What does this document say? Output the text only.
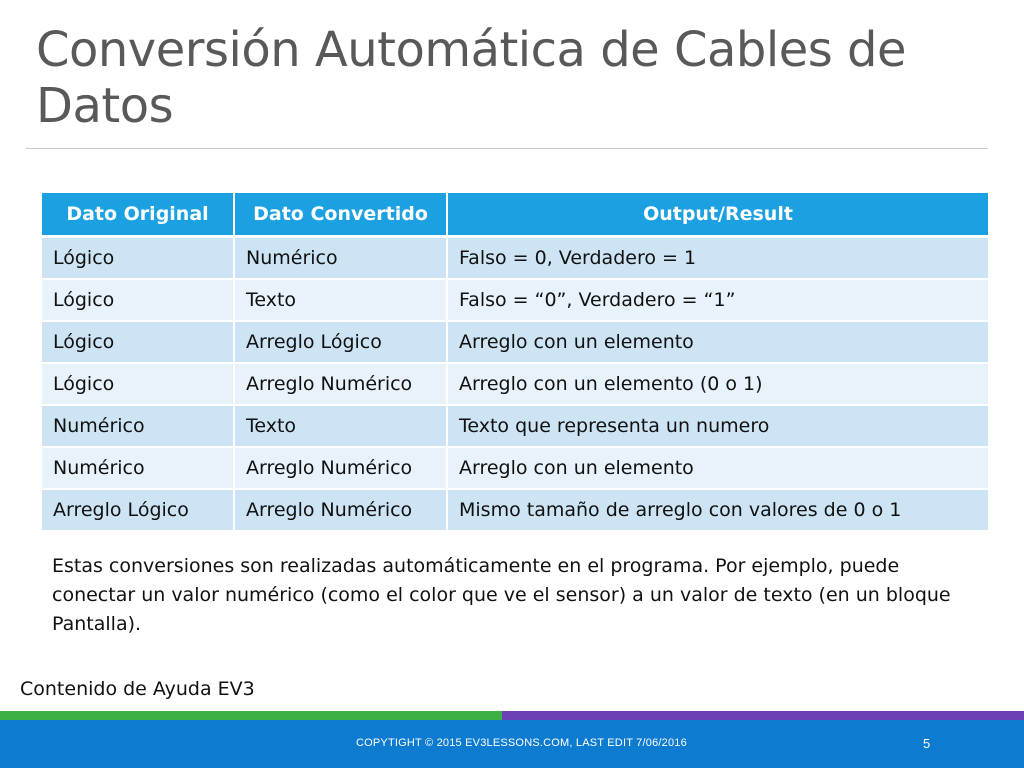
Conversión Automática de Cables de Datos
Dato Original	Dato Convertido	Output/Result
Lógico	Numérico	Falso = 0, Verdadero = 1
Lógico	Texto	Falso = “0”, Verdadero = “1”
Lógico	Arreglo Lógico	Arreglo con un elemento
Lógico	Arreglo Numérico	Arreglo con un elemento (0 o 1)
Numérico	Texto	Texto que representa un numero
Numérico	Arreglo Numérico	Arreglo con un elemento
Arreglo Lógico	Arreglo Numérico	Mismo tamaño de arreglo con valores de 0 o 1

Estas conversiones son realizadas automáticamente en el programa. Por ejemplo, puede conectar un valor numérico (como el color que ve el sensor) a un valor de texto (en un bloque Pantalla).

Contenido de Ayuda EV3

COPYTIGHT © 2015 EV3LESSONS.COM, LAST EDIT 7/06/2016	5
